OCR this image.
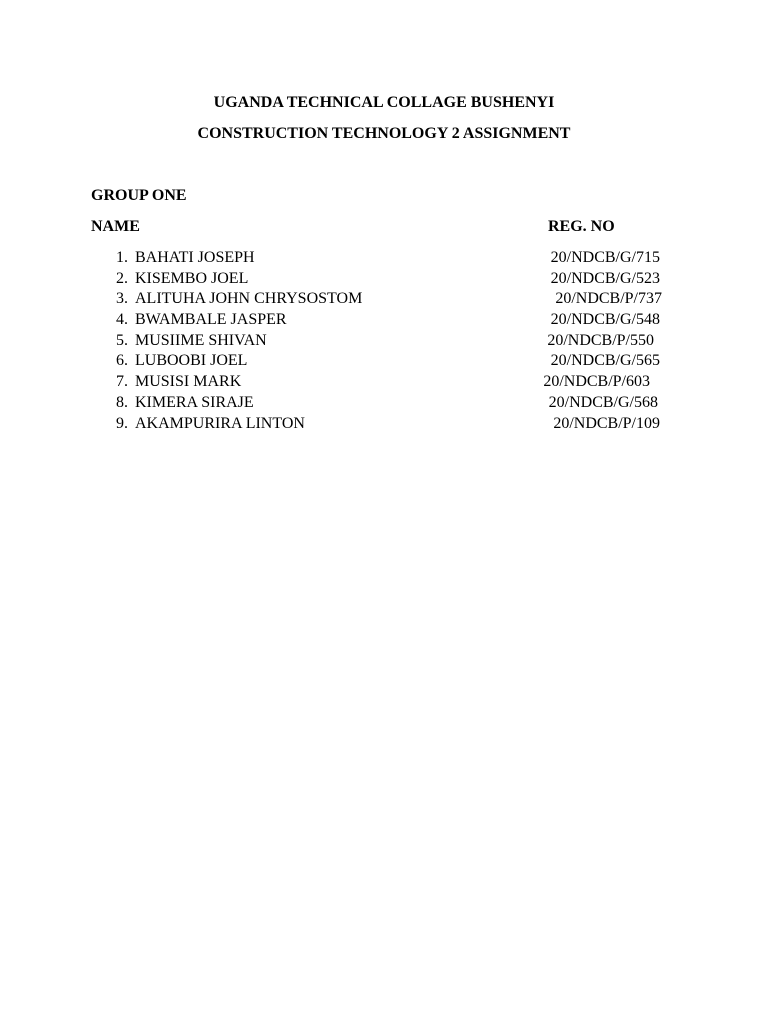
UGANDA TECHNICAL COLLAGE BUSHENYI
CONSTRUCTION TECHNOLOGY 2 ASSIGNMENT
GROUP ONE
NAME	REG. NO
1. BAHATI JOSEPH	20/NDCB/G/715
2. KISEMBO JOEL	20/NDCB/G/523
3. ALITUHA JOHN CHRYSOSTOM	20/NDCB/P/737
4. BWAMBALE JASPER	20/NDCB/G/548
5. MUSIIME SHIVAN	20/NDCB/P/550
6. LUBOOBI JOEL	20/NDCB/G/565
7. MUSISI MARK	20/NDCB/P/603
8. KIMERA SIRAJE	20/NDCB/G/568
9. AKAMPURIRA LINTON	20/NDCB/P/109
